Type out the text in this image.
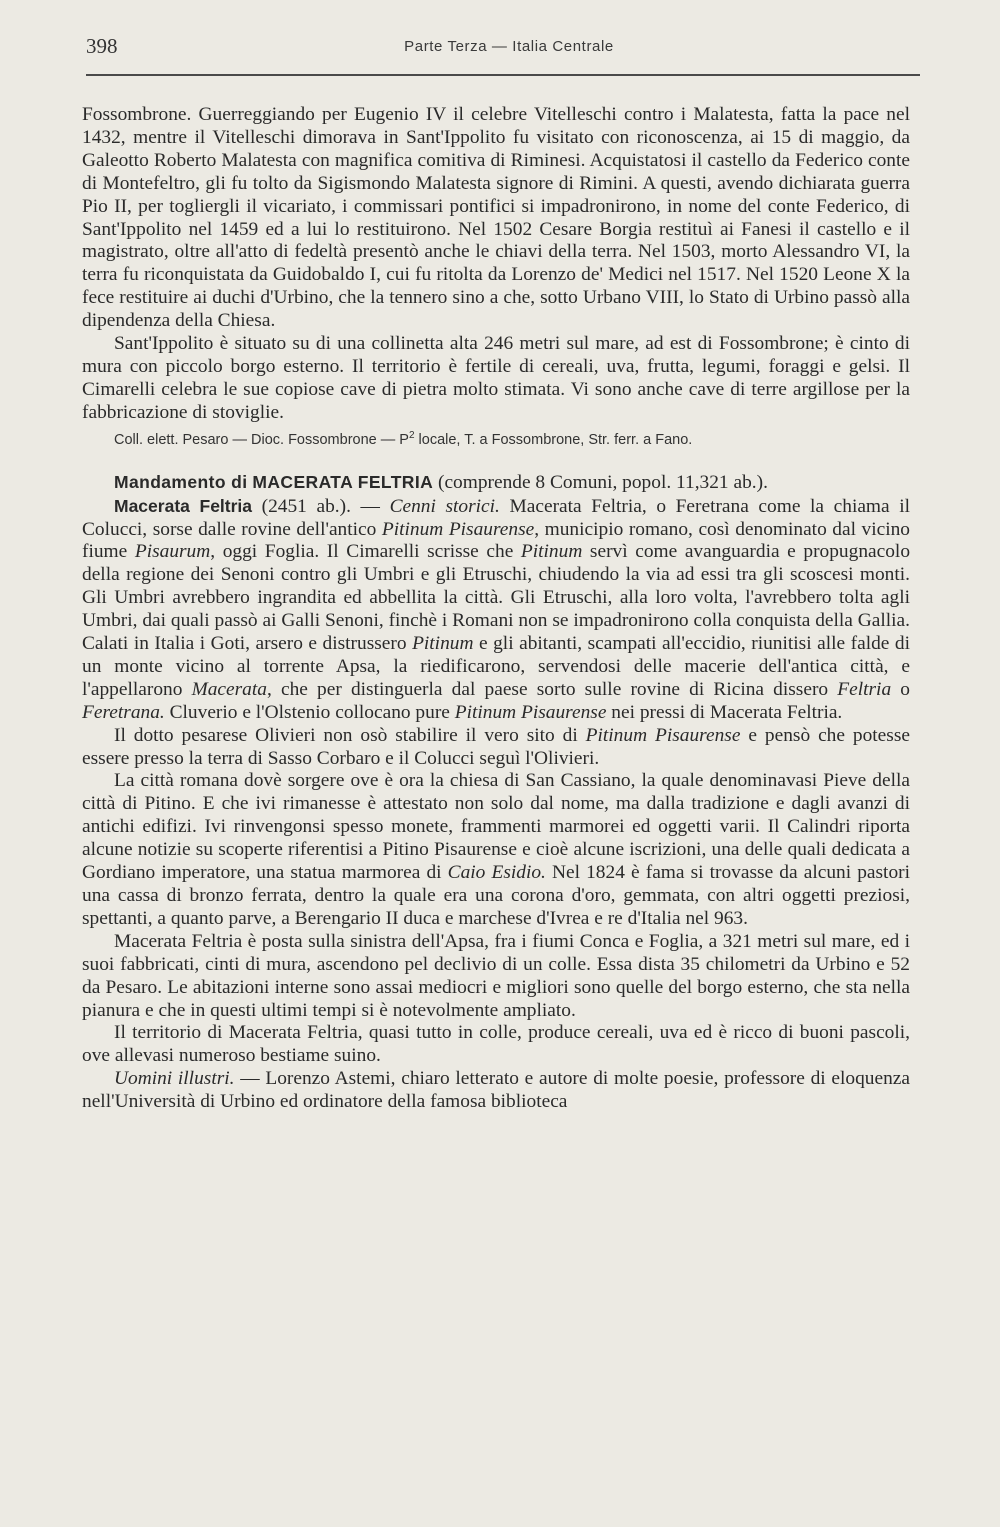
398	Parte Terza — Italia Centrale

Fossombrone. Guerreggiando per Eugenio IV il celebre Vitelleschi contro i Malatesta, fatta la pace nel 1432, mentre il Vitelleschi dimorava in Sant'Ippolito fu visitato con riconoscenza, ai 15 di maggio, da Galeotto Roberto Malatesta con magnifica comitiva di Riminesi. Acquistatosi il castello da Federico conte di Montefeltro, gli fu tolto da Sigismondo Malatesta signore di Rimini. A questi, avendo dichiarata guerra Pio II, per togliergli il vicariato, i commissari pontifici si impadronirono, in nome del conte Federico, di Sant'Ippolito nel 1459 ed a lui lo restituirono. Nel 1502 Cesare Borgia restituì ai Fanesi il castello e il magistrato, oltre all'atto di fedeltà presentò anche le chiavi della terra. Nel 1503, morto Alessandro VI, la terra fu riconquistata da Guidobaldo I, cui fu ritolta da Lorenzo de' Medici nel 1517. Nel 1520 Leone X la fece restituire ai duchi d'Urbino, che la tennero sino a che, sotto Urbano VIII, lo Stato di Urbino passò alla dipendenza della Chiesa.

Sant'Ippolito è situato su di una collinetta alta 246 metri sul mare, ad est di Fossombrone; è cinto di mura con piccolo borgo esterno. Il territorio è fertile di cereali, uva, frutta, legumi, foraggi e gelsi. Il Cimarelli celebra le sue copiose cave di pietra molto stimata. Vi sono anche cave di terre argillose per la fabbricazione di stoviglie.

Coll. elett. Pesaro — Dioc. Fossombrone — $P^2$ locale, T. a Fossombrone, Str. ferr. a Fano.

Mandamento di MACERATA FELTRIA (comprende 8 Comuni, popol. 11,321 ab.).

Macerata Feltria (2451 ab.). — Cenni storici. Macerata Feltria, o Feretrana come la chiama il Colucci, sorse dalle rovine dell'antico Pitinum Pisaurense, municipio romano, così denominato dal vicino fiume Pisaurum, oggi Foglia. Il Cimarelli scrisse che Pitinum servì come avanguardia e propugnacolo della regione dei Senoni contro gli Umbri e gli Etruschi, chiudendo la via ad essi tra gli scoscesi monti. Gli Umbri avrebbero ingrandita ed abbellita la città. Gli Etruschi, alla loro volta, l'avrebbero tolta agli Umbri, dai quali passò ai Galli Senoni, finchè i Romani non se impadronirono colla conquista della Gallia. Calati in Italia i Goti, arsero e distrussero Pitinum e gli abitanti, scampati all'eccidio, riunitisi alle falde di un monte vicino al torrente Apsa, la riedificarono, servendosi delle macerie dell'antica città, e l'appellarono Macerata, che per distinguerla dal paese sorto sulle rovine di Ricina dissero Feltria o Feretrana. Cluverio e l'Olstenio collocano pure Pitinum Pisaurense nei pressi di Macerata Feltria.

Il dotto pesarese Olivieri non osò stabilire il vero sito di Pitinum Pisaurense e pensò che potesse essere presso la terra di Sasso Corbaro e il Colucci seguì l'Olivieri.

La città romana dovè sorgere ove è ora la chiesa di San Cassiano, la quale denominavasi Pieve della città di Pitino. E che ivi rimanesse è attestato non solo dal nome, ma dalla tradizione e dagli avanzi di antichi edifizi. Ivi rinvengonsi spesso monete, frammenti marmorei ed oggetti varii. Il Calindri riporta alcune notizie su scoperte riferentisi a Pitino Pisaurense e cioè alcune iscrizioni, una delle quali dedicata a Gordiano imperatore, una statua marmorea di Caio Esidio. Nel 1824 è fama si trovasse da alcuni pastori una cassa di bronzo ferrata, dentro la quale era una corona d'oro, gemmata, con altri oggetti preziosi, spettanti, a quanto parve, a Berengario II duca e marchese d'Ivrea e re d'Italia nel 963.

Macerata Feltria è posta sulla sinistra dell'Apsa, fra i fiumi Conca e Foglia, a 321 metri sul mare, ed i suoi fabbricati, cinti di mura, ascendono pel declivio di un colle. Essa dista 35 chilometri da Urbino e 52 da Pesaro. Le abitazioni interne sono assai mediocri e migliori sono quelle del borgo esterno, che sta nella pianura e che in questi ultimi tempi si è notevolmente ampliato.

Il territorio di Macerata Feltria, quasi tutto in colle, produce cereali, uva ed è ricco di buoni pascoli, ove allevasi numeroso bestiame suino.

Uomini illustri. — Lorenzo Astemi, chiaro letterato e autore di molte poesie, professore di eloquenza nell'Università di Urbino ed ordinatore della famosa biblioteca
